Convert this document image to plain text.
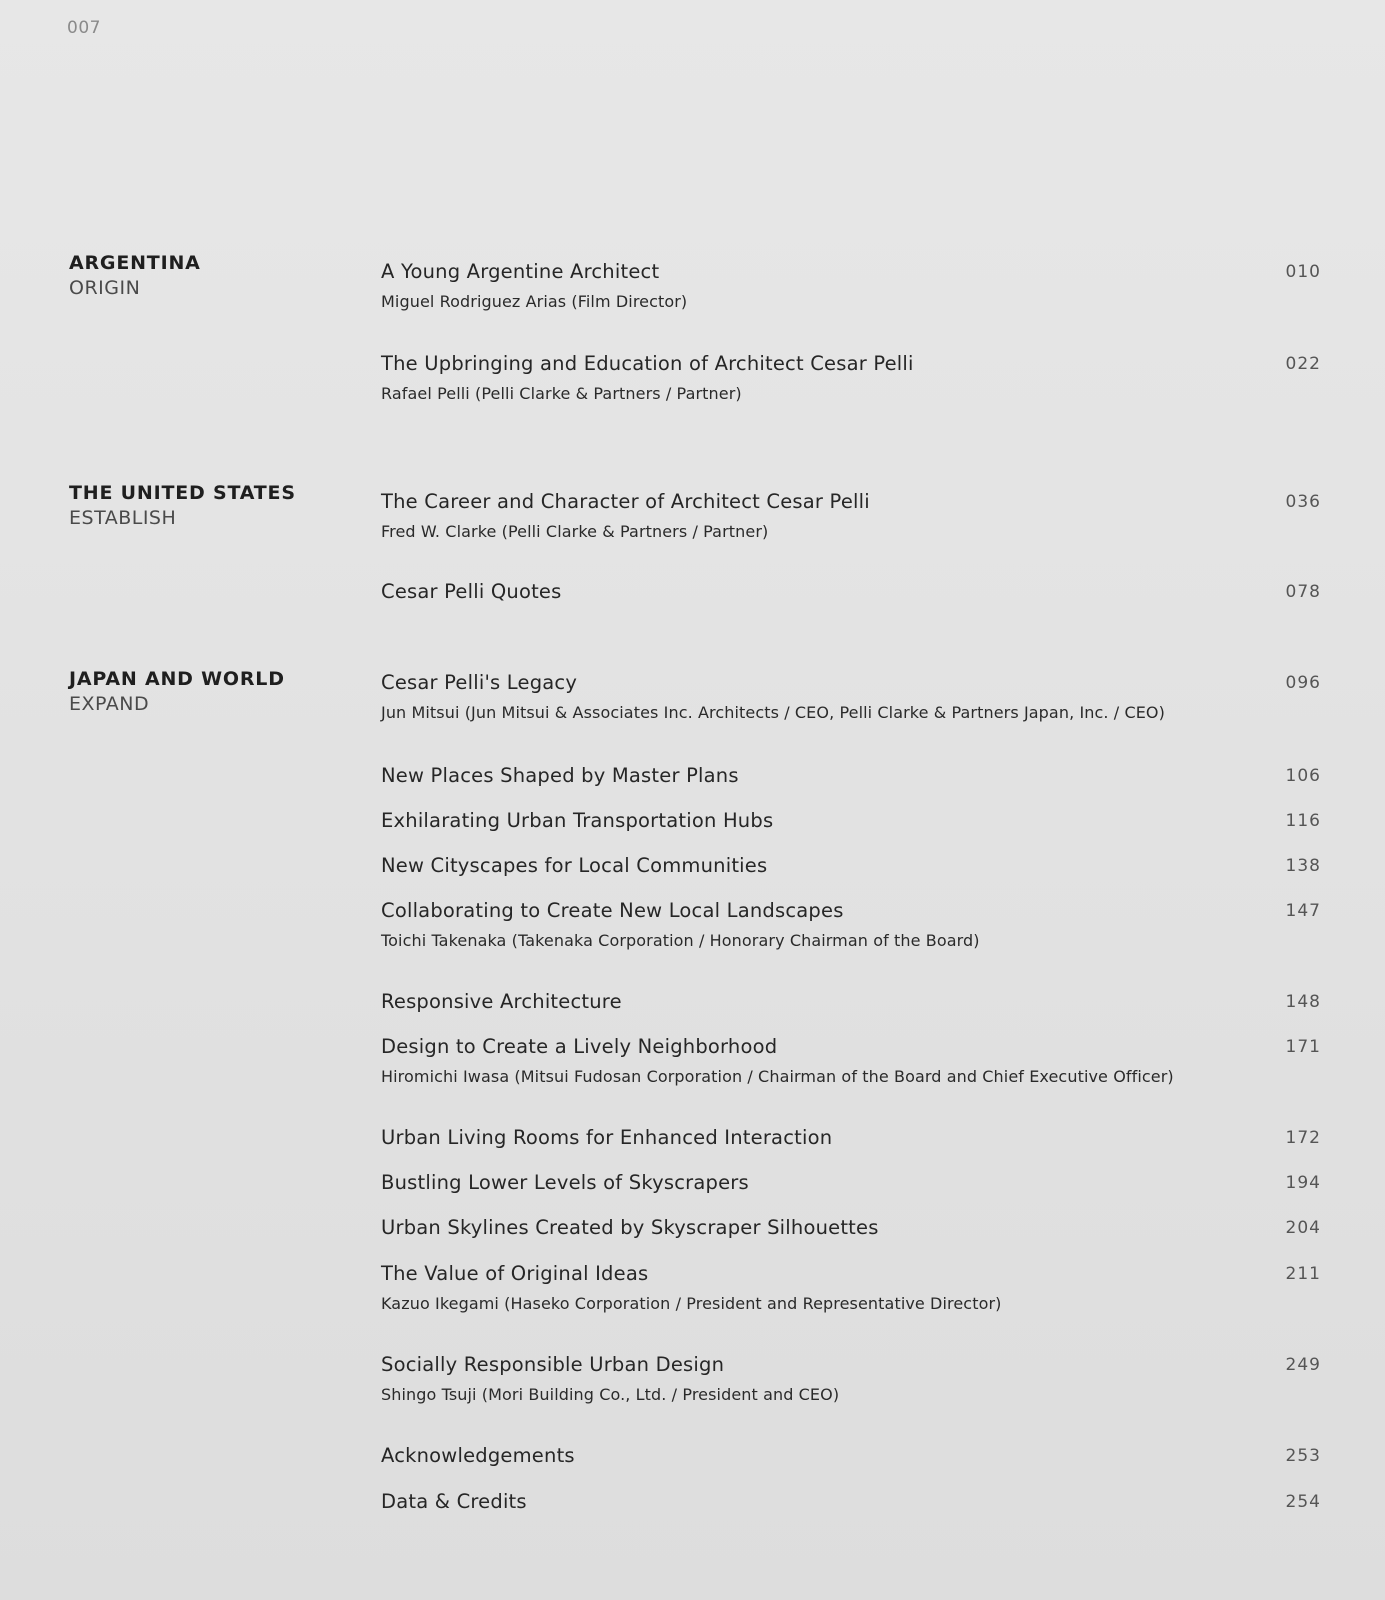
007
ARGENTINA
ORIGIN
A Young Argentine Architect
Miguel Rodriguez Arias (Film Director)
010
The Upbringing and Education of Architect Cesar Pelli
Rafael Pelli (Pelli Clarke & Partners / Partner)
022
THE UNITED STATES
ESTABLISH
The Career and Character of Architect Cesar Pelli
Fred W. Clarke (Pelli Clarke & Partners / Partner)
036
Cesar Pelli Quotes	078
JAPAN AND WORLD
EXPAND
Cesar Pelli's Legacy
Jun Mitsui (Jun Mitsui & Associates Inc. Architects / CEO, Pelli Clarke & Partners Japan, Inc. / CEO)
096
New Places Shaped by Master Plans	106
Exhilarating Urban Transportation Hubs	116
New Cityscapes for Local Communities	138
Collaborating to Create New Local Landscapes
Toichi Takenaka (Takenaka Corporation / Honorary Chairman of the Board)
147
Responsive Architecture	148
Design to Create a Lively Neighborhood
Hiromichi Iwasa (Mitsui Fudosan Corporation / Chairman of the Board and Chief Executive Officer)
171
Urban Living Rooms for Enhanced Interaction	172
Bustling Lower Levels of Skyscrapers	194
Urban Skylines Created by Skyscraper Silhouettes	204
The Value of Original Ideas
Kazuo Ikegami (Haseko Corporation / President and Representative Director)
211
Socially Responsible Urban Design
Shingo Tsuji (Mori Building Co., Ltd. / President and CEO)
249
Acknowledgements	253
Data & Credits	254
